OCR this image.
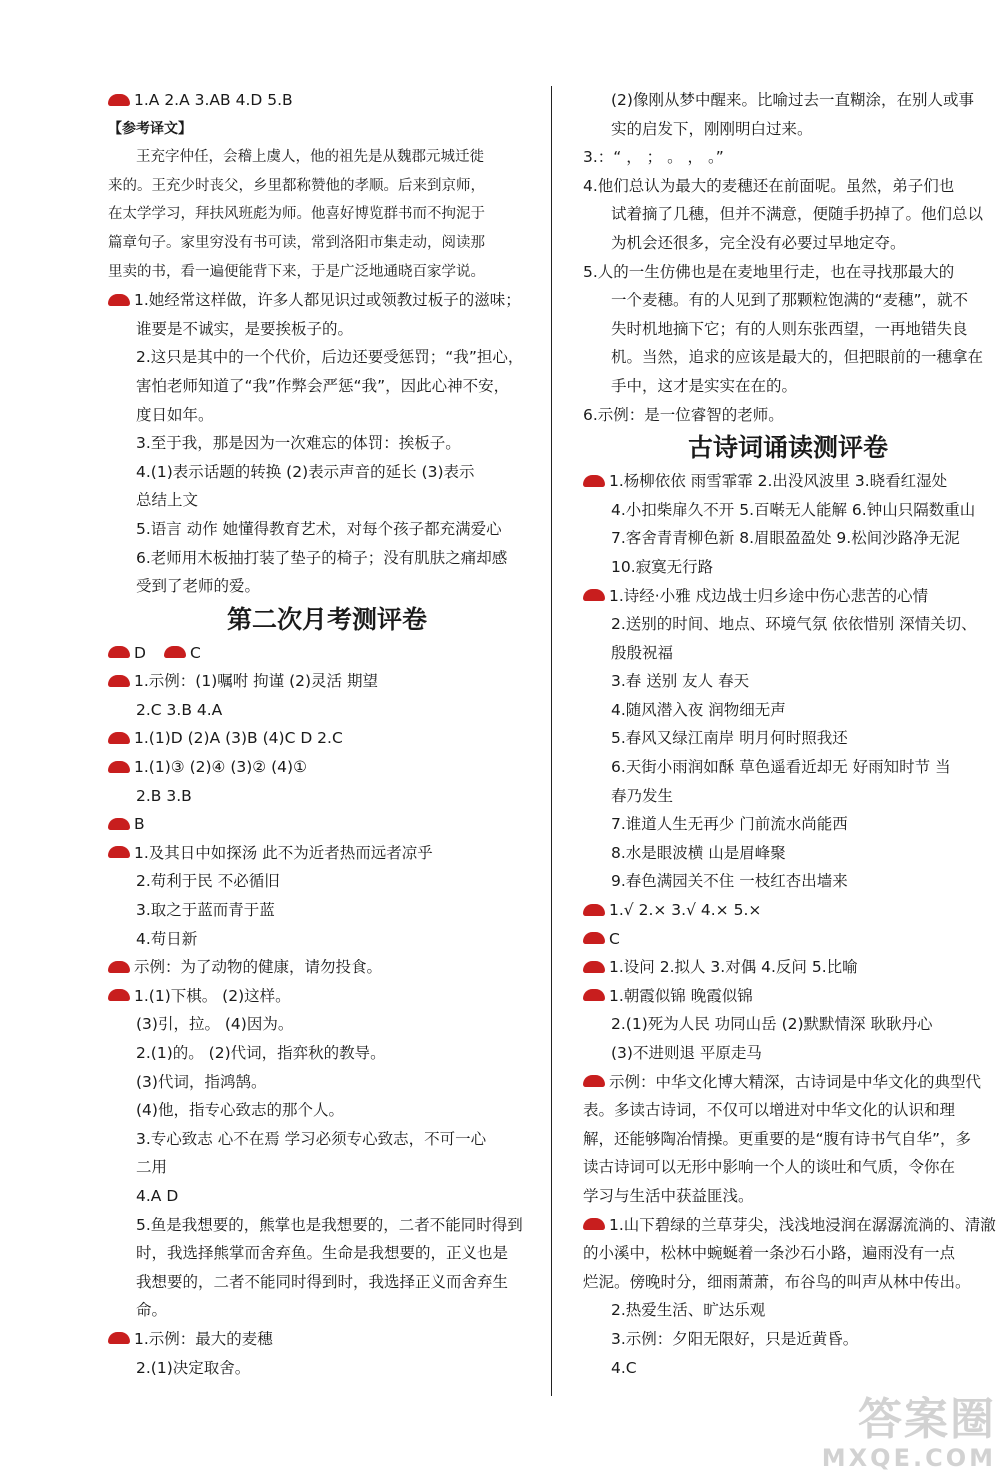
1.A 2.A 3.AB 4.D 5.B
【参考译文】
王充字仲任，会稽上虞人，他的祖先是从魏郡元城迁徙
来的。王充少时丧父，乡里都称赞他的孝顺。后来到京师，
在太学学习，拜扶风班彪为师。他喜好博览群书而不拘泥于
篇章句子。家里穷没有书可读，常到洛阳市集走动，阅读那
里卖的书，看一遍便能背下来，于是广泛地通晓百家学说。
1.她经常这样做，许多人都见识过或领教过板子的滋味；
谁要是不诚实，是要挨板子的。
2.这只是其中的一个代价，后边还要受惩罚；“我”担心，
害怕老师知道了“我”作弊会严惩“我”，因此心神不安，
度日如年。
3.至于我，那是因为一次难忘的体罚：挨板子。
4.(1)表示话题的转换 (2)表示声音的延长 (3)表示
总结上文
5.语言 动作 她懂得教育艺术，对每个孩子都充满爱心
6.老师用木板抽打装了垫子的椅子；没有肌肤之痛却感
受到了老师的爱。
第二次月考测评卷
D	C
1.示例：(1)嘱咐 拘谨 (2)灵活 期望
2.C 3.B 4.A
1.(1)D (2)A (3)B (4)C D 2.C
1.(1)③ (2)④ (3)② (4)①
2.B 3.B
B
1.及其日中如探汤 此不为近者热而远者凉乎
2.苟利于民 不必循旧
3.取之于蓝而青于蓝
4.苟日新
示例：为了动物的健康，请勿投食。
1.(1)下棋。 (2)这样。
(3)引，拉。 (4)因为。
2.(1)的。 (2)代词，指弈秋的教导。
(3)代词，指鸿鹄。
(4)他，指专心致志的那个人。
3.专心致志 心不在焉 学习必须专心致志，不可一心
二用
4.A D
5.鱼是我想要的，熊掌也是我想要的，二者不能同时得到
时，我选择熊掌而舍弃鱼。生命是我想要的，正义也是
我想要的，二者不能同时得到时，我选择正义而舍弃生
命。
1.示例：最大的麦穗
2.(1)决定取舍。
(2)像刚从梦中醒来。比喻过去一直糊涂，在别人或事
实的启发下，刚刚明白过来。
3.：“ ， ； 。 ， 。”
4.他们总认为最大的麦穗还在前面呢。虽然，弟子们也
试着摘了几穗，但并不满意，便随手扔掉了。他们总以
为机会还很多，完全没有必要过早地定夺。
5.人的一生仿佛也是在麦地里行走，也在寻找那最大的
一个麦穗。有的人见到了那颗粒饱满的“麦穗”，就不
失时机地摘下它；有的人则东张西望，一再地错失良
机。当然，追求的应该是最大的，但把眼前的一穗拿在
手中，这才是实实在在的。
6.示例：是一位睿智的老师。
古诗词诵读测评卷
1.杨柳依依 雨雪霏霏 2.出没风波里 3.晓看红湿处
4.小扣柴扉久不开 5.百啭无人能解 6.钟山只隔数重山
7.客舍青青柳色新 8.眉眼盈盈处 9.松间沙路净无泥
10.寂寞无行路
1.诗经·小雅 戍边战士归乡途中伤心悲苦的心情
2.送别的时间、地点、环境气氛 依依惜别 深情关切、
殷殷祝福
3.春 送别 友人 春天
4.随风潜入夜 润物细无声
5.春风又绿江南岸 明月何时照我还
6.天街小雨润如酥 草色遥看近却无 好雨知时节 当
春乃发生
7.谁道人生无再少 门前流水尚能西
8.水是眼波横 山是眉峰聚
9.春色满园关不住 一枝红杏出墙来
1.√ 2.× 3.√ 4.× 5.×
C
1.设问 2.拟人 3.对偶 4.反问 5.比喻
1.朝霞似锦 晚霞似锦
2.(1)死为人民 功同山岳 (2)默默情深 耿耿丹心
(3)不进则退 平原走马
示例：中华文化博大精深，古诗词是中华文化的典型代
表。多读古诗词，不仅可以增进对中华文化的认识和理
解，还能够陶冶情操。更重要的是“腹有诗书气自华”，多
读古诗词可以无形中影响一个人的谈吐和气质，令你在
学习与生活中获益匪浅。
1.山下碧绿的兰草芽尖，浅浅地浸润在潺潺流淌的、清澈
的小溪中，松林中蜿蜒着一条沙石小路，遍雨没有一点
烂泥。傍晚时分，细雨萧萧，布谷鸟的叫声从林中传出。
2.热爱生活、旷达乐观
3.示例：夕阳无限好，只是近黄昏。
4.C
答案圈
MXQE.COM
